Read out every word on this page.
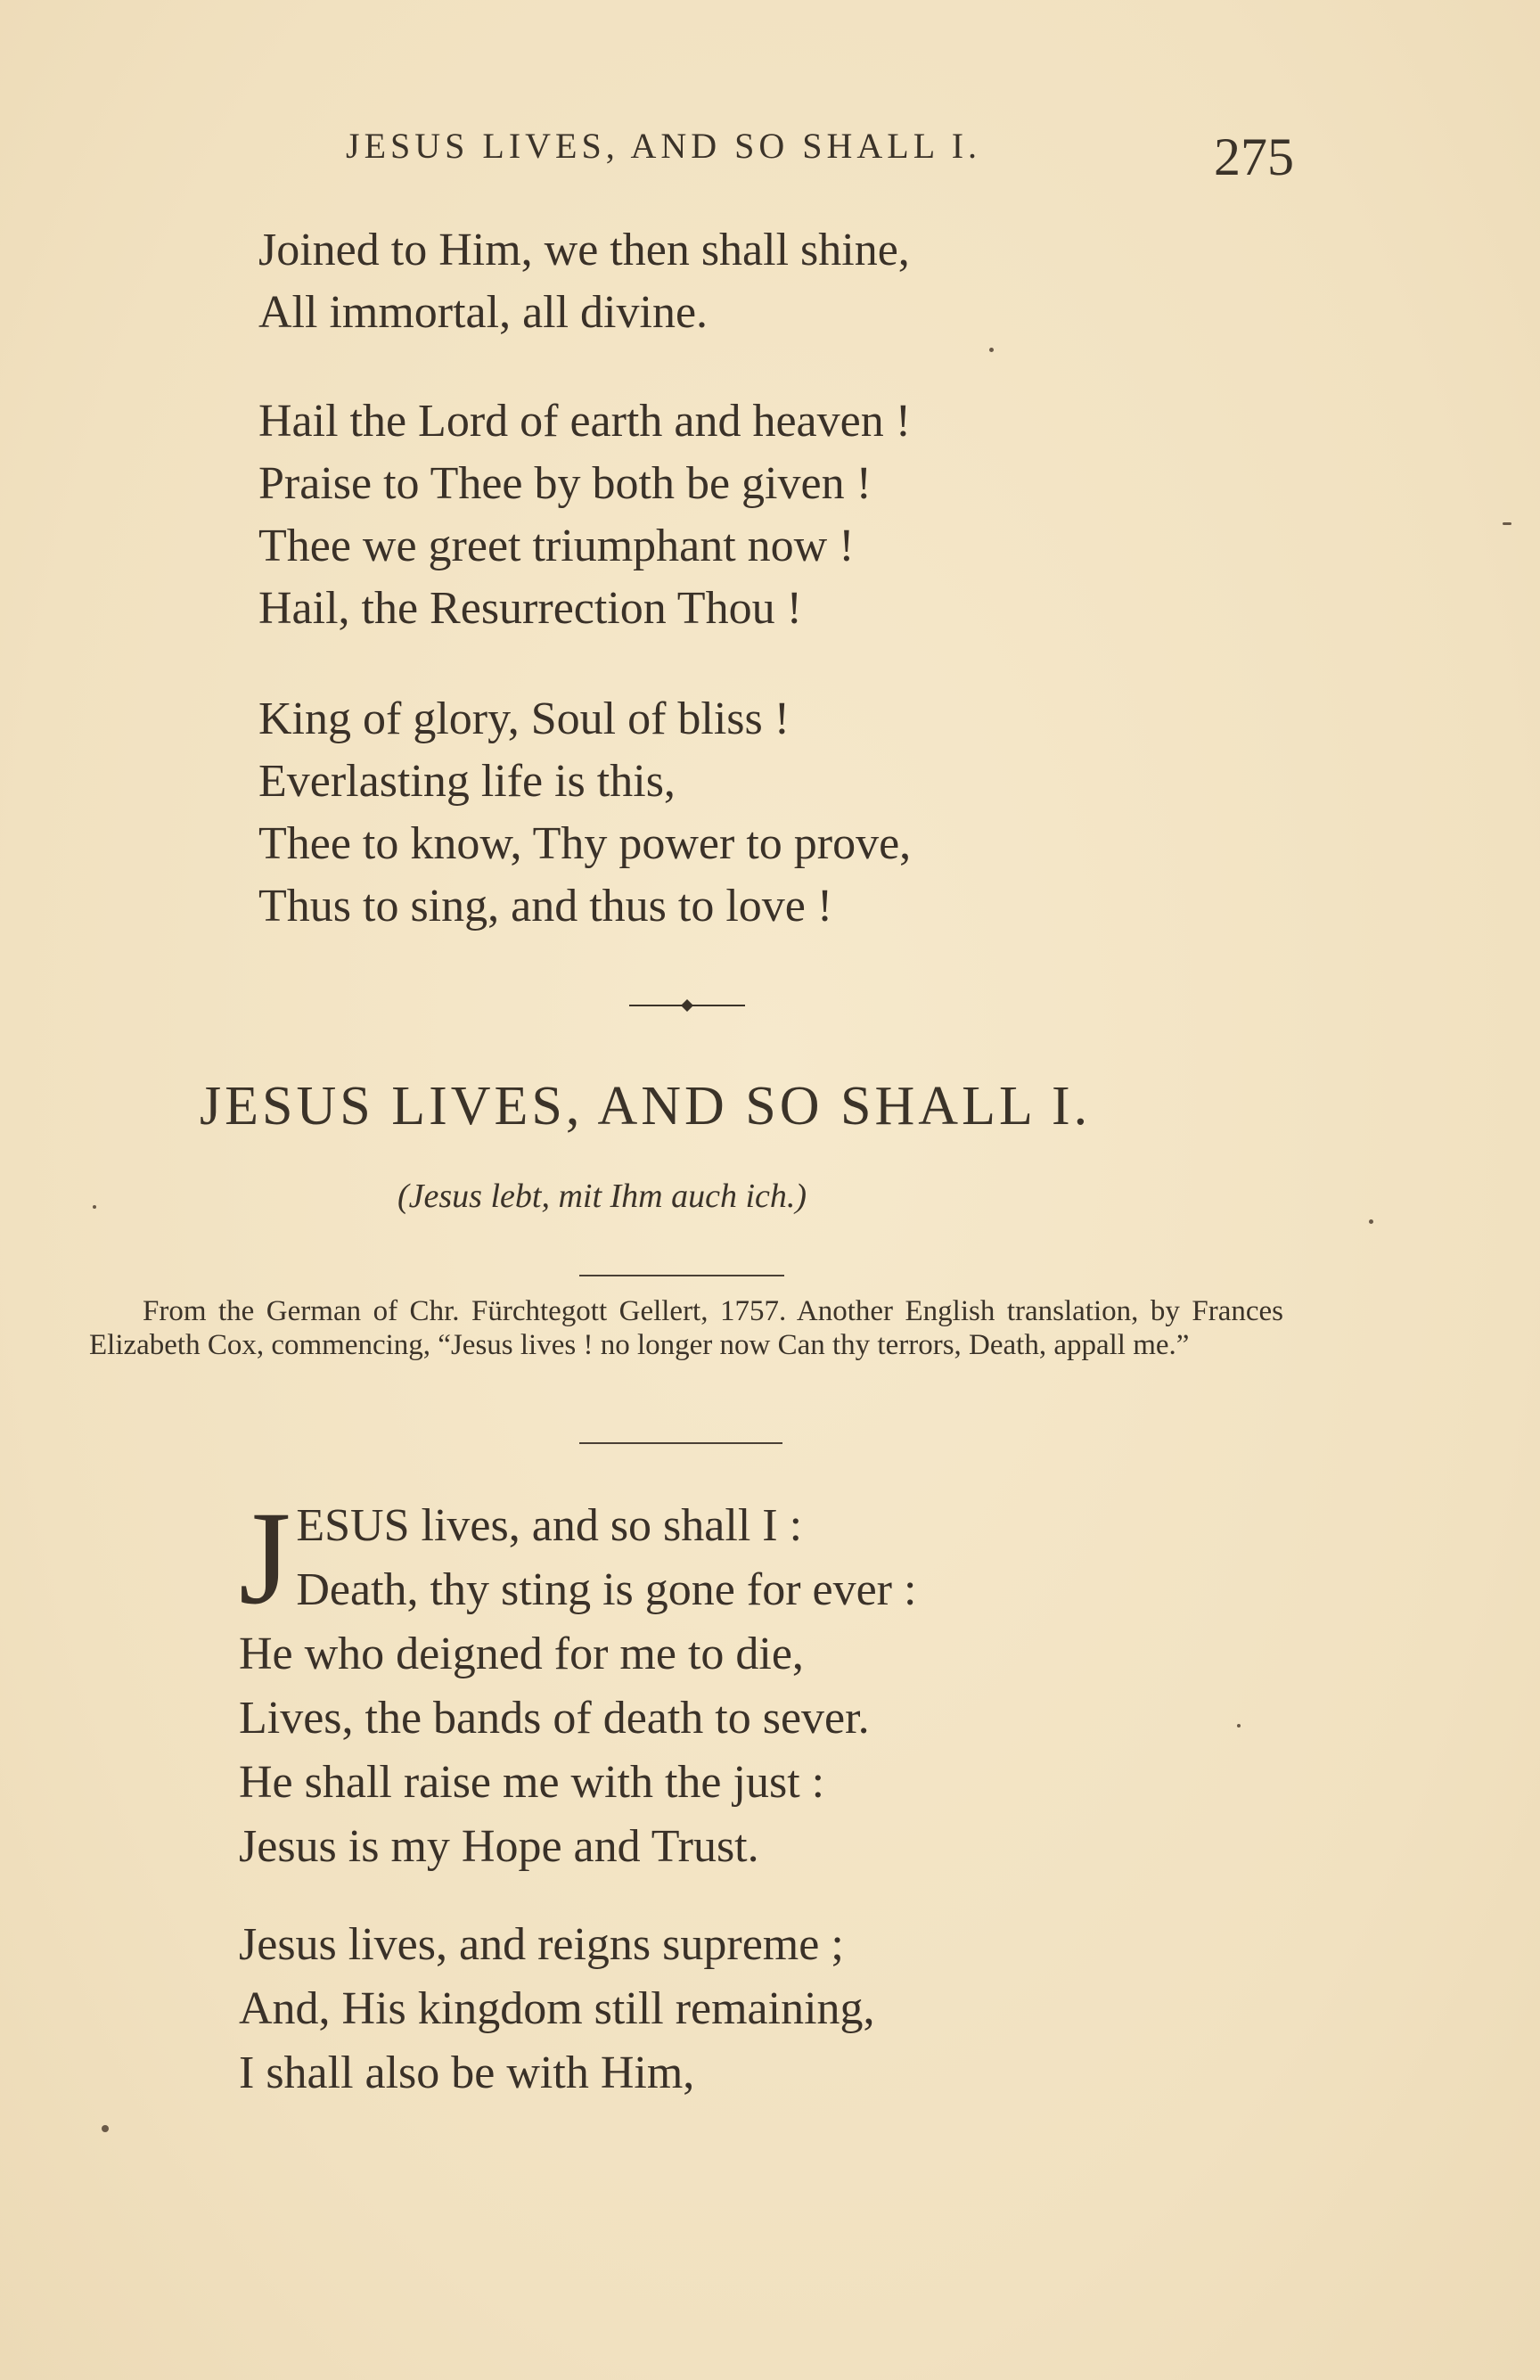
JESUS LIVES, AND SO SHALL I.	275
Joined to Him, we then shall shine,
All immortal, all divine.
Hail the Lord of earth and heaven !
Praise to Thee by both be given !
Thee we greet triumphant now !
Hail, the Resurrection Thou !
King of glory, Soul of bliss !
Everlasting life is this,
Thee to know, Thy power to prove,
Thus to sing, and thus to love !
JESUS LIVES, AND SO SHALL I.
(Jesus lebt, mit Ihm auch ich.)

From the German of Chr. Fürchtegott Gellert, 1757. Another English translation, by Frances Elizabeth Cox, commencing, “Jesus lives ! no longer now Can thy terrors, Death, appall me.”

J ESUS lives, and so shall I :
Death, thy sting is gone for ever :
He who deigned for me to die,
Lives, the bands of death to sever.
He shall raise me with the just :
Jesus is my Hope and Trust.
Jesus lives, and reigns supreme ;
And, His kingdom still remaining,
I shall also be with Him,
